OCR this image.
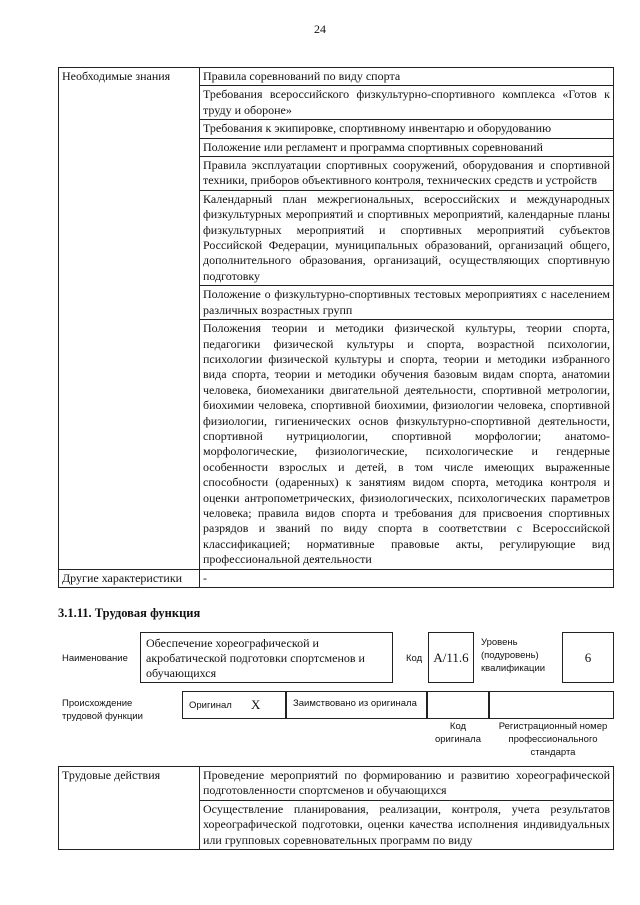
24
Необходимые знания	Правила соревнований по виду спорта
	Требования всероссийского физкультурно-спортивного комплекса «Готов к труду и обороне»
	Требования к экипировке, спортивному инвентарю и оборудованию
	Положение или регламент и программа спортивных соревнований
	Правила эксплуатации спортивных сооружений, оборудования и спортивной техники, приборов объективного контроля, технических средств и устройств
	Календарный план межрегиональных, всероссийских и международных физкультурных мероприятий и спортивных мероприятий, календарные планы физкультурных мероприятий и спортивных мероприятий субъектов Российской Федерации, муниципальных образований, организаций общего, дополнительного образования, организаций, осуществляющих спортивную подготовку
	Положение о физкультурно-спортивных тестовых мероприятиях с населением различных возрастных групп
	Положения теории и методики физической культуры, теории спорта, педагогики физической культуры и спорта, возрастной психологии, психологии физической культуры и спорта, теории и методики избранного вида спорта, теории и методики обучения базовым видам спорта, анатомии человека, биомеханики двигательной деятельности, спортивной метрологии, биохимии человека, спортивной биохимии, физиологии человека, спортивной физиологии, гигиенических основ физкультурно-спортивной деятельности, спортивной нутрициологии, спортивной морфологии; анатомо-морфологические, физиологические, психологические и гендерные особенности взрослых и детей, в том числе имеющих выраженные способности (одаренных) к занятиям видом спорта, методика контроля и оценки антропометрических, физиологических, психологических параметров человека; правила видов спорта и требования для присвоения спортивных разрядов и званий по виду спорта в соответствии с Всероссийской классификацией; нормативные правовые акты, регулирующие вид профессиональной деятельности
Другие характеристики	-
3.1.11. Трудовая функция
Наименование
Обеспечение хореографической и акробатической подготовки спортсменов и обучающихся
Код А/11.6
Уровень (подуровень) квалификации
6
Происхождение трудовой функции
Оригинал X	Заимствовано из оригинала
Код оригинала
Регистрационный номер профессионального стандарта
Трудовые действия	Проведение мероприятий по формированию и развитию хореографической подготовленности спортсменов и обучающихся
Осуществление планирования, реализации, контроля, учета результатов хореографической подготовки, оценки качества исполнения индивидуальных или групповых соревновательных программ по виду
